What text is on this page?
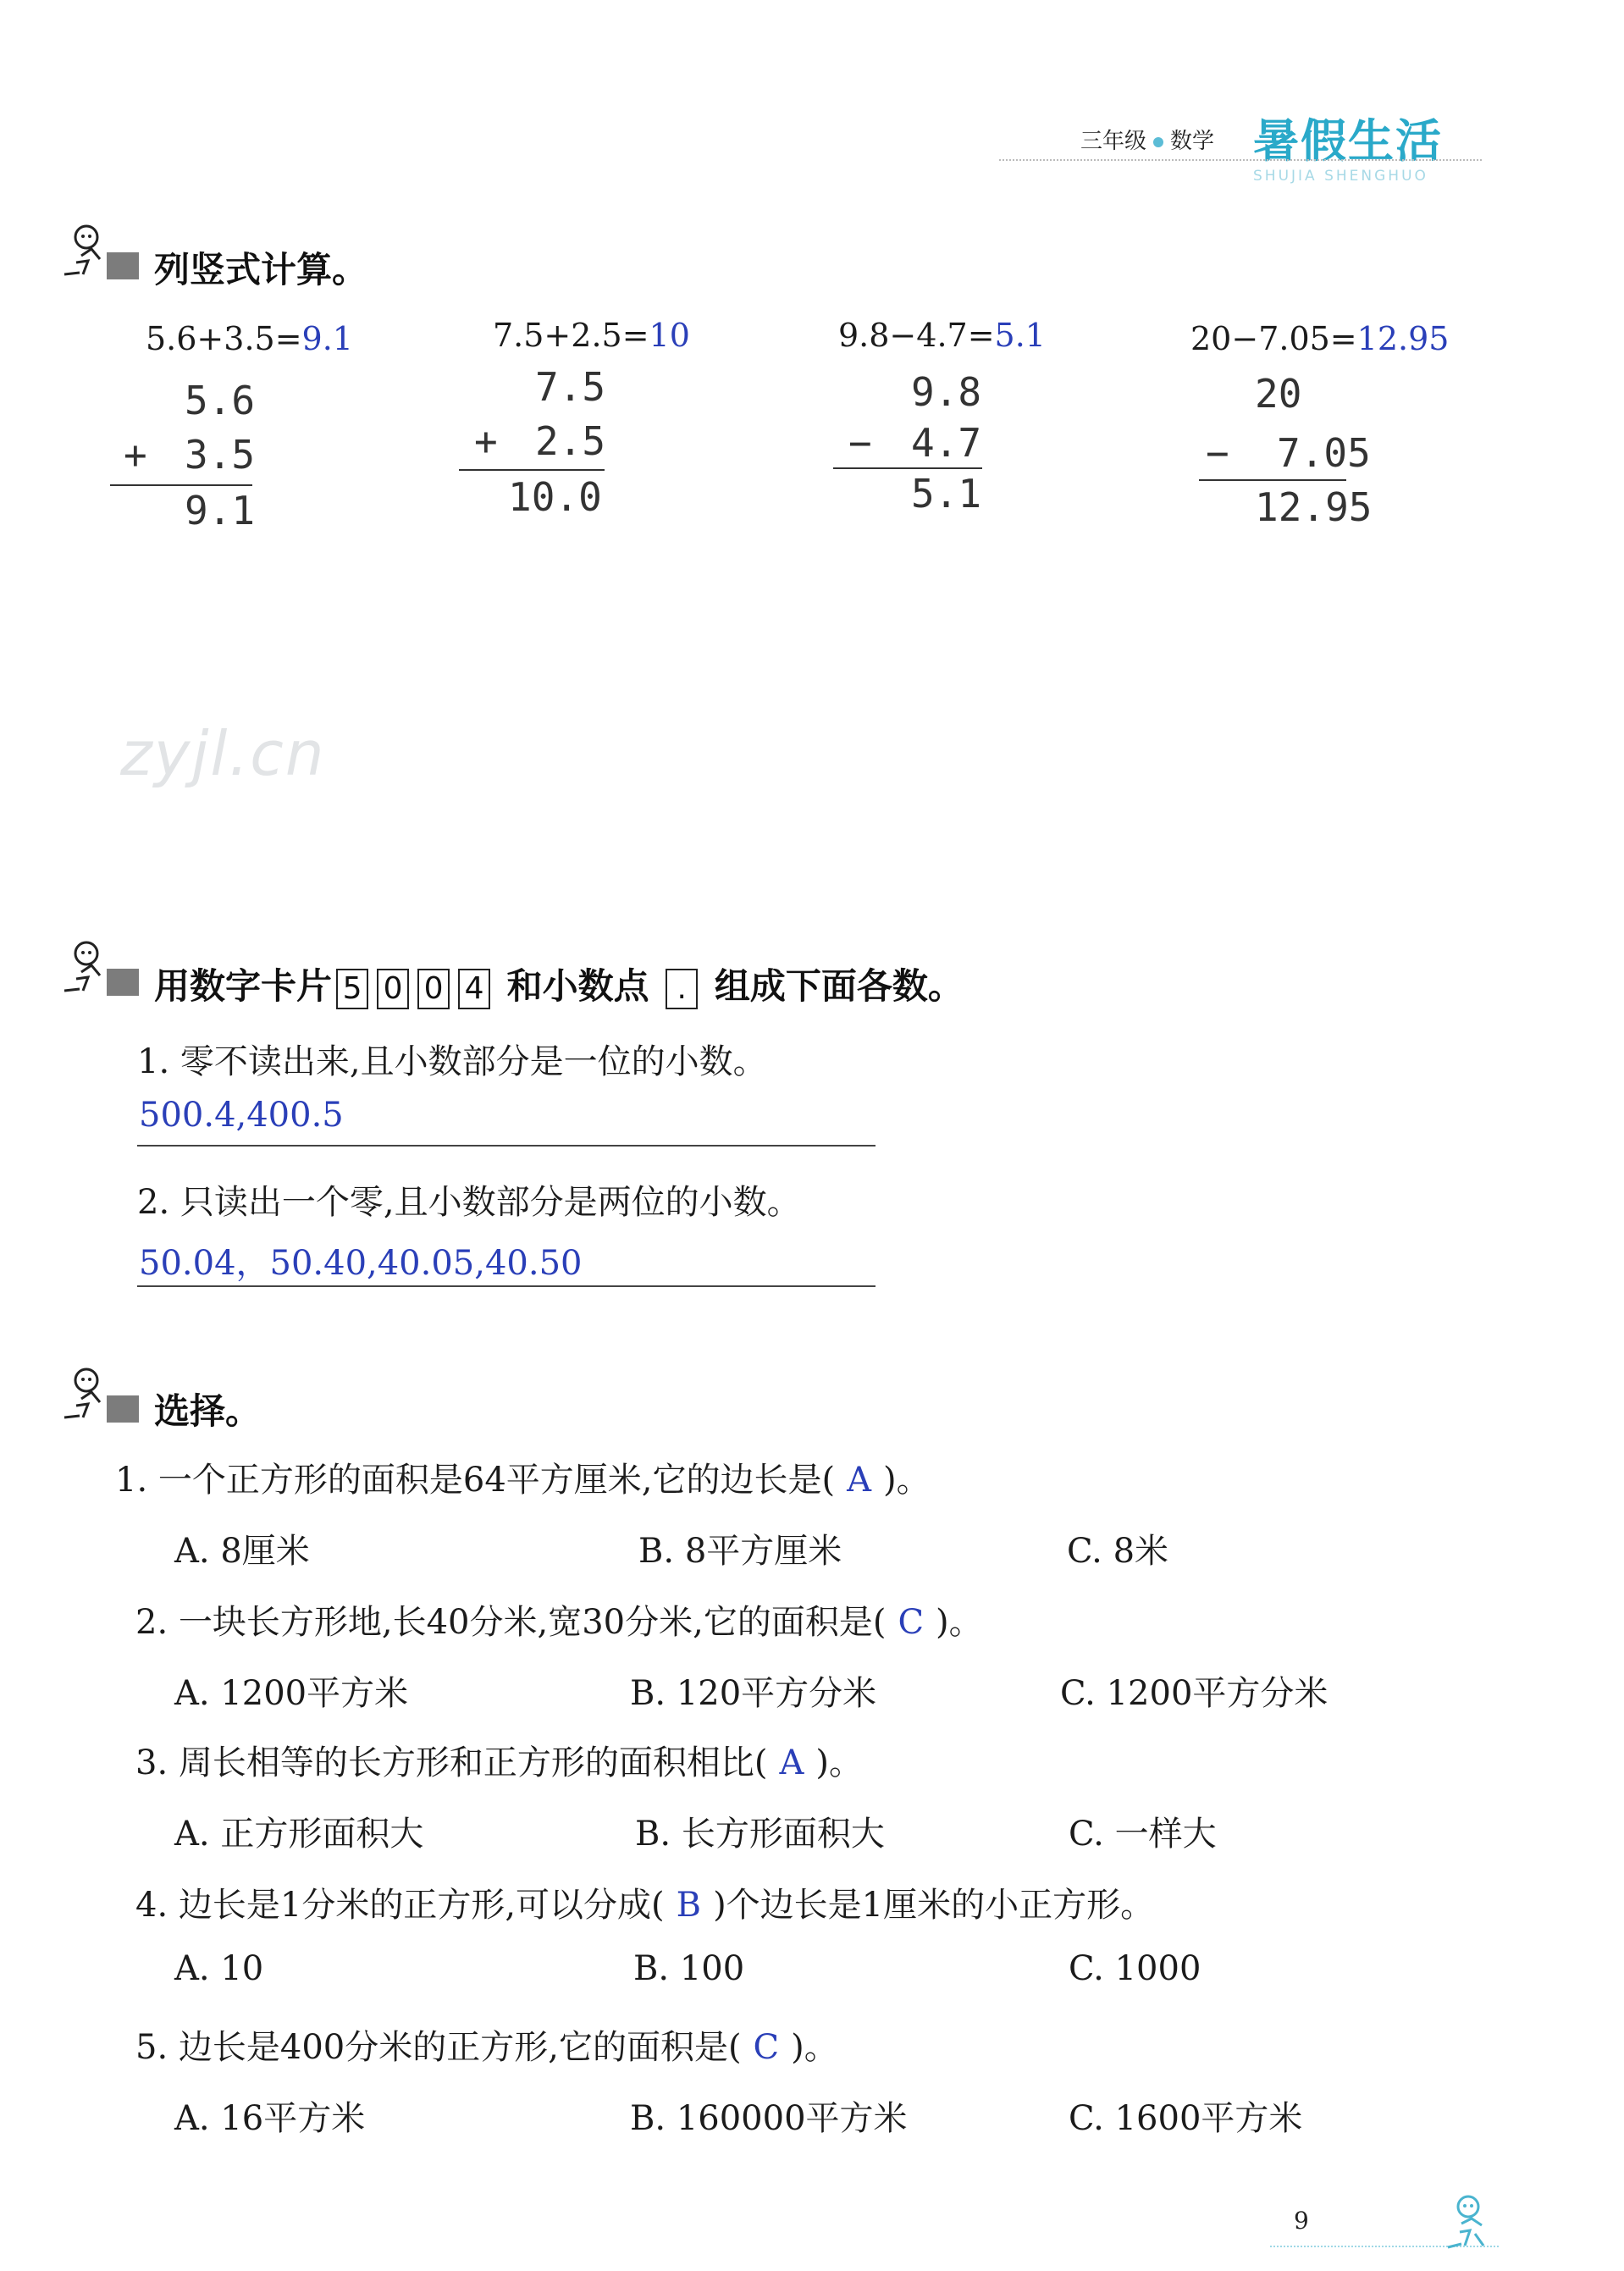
三年级 数学 暑假生活
SHUJIA SHENGHUO
列竖式计算。
5.6+3.5=9.1
5.6
+ 3.5
9.1
7.5+2.5=10
7.5
+ 2.5
10.0
9.8−4.7=5.1
9.8
− 4.7
5.1
20−7.05=12.95
20
− 7.05
12.95
zyjl.cn
用数字卡片 5 0 0 4 和小数点 . 组成下面各数。
1. 零不读出来,且小数部分是一位的小数。
500.4,400.5
2. 只读出一个零,且小数部分是两位的小数。
50.04，50.40,40.05,40.50
选择。
1. 一个正方形的面积是64平方厘米,它的边长是( A )。
A. 8厘米	B. 8平方厘米	C. 8米
2. 一块长方形地,长40分米,宽30分米,它的面积是( C )。
A. 1200平方米	B. 120平方分米	C. 1200平方分米
3. 周长相等的长方形和正方形的面积相比( A )。
A. 正方形面积大	B. 长方形面积大	C. 一样大
4. 边长是1分米的正方形,可以分成( B )个边长是1厘米的小正方形。
A. 10	B. 100	C. 1000
5. 边长是400分米的正方形,它的面积是( C )。
A. 16平方米	B. 160000平方米	C. 1600平方米
9
